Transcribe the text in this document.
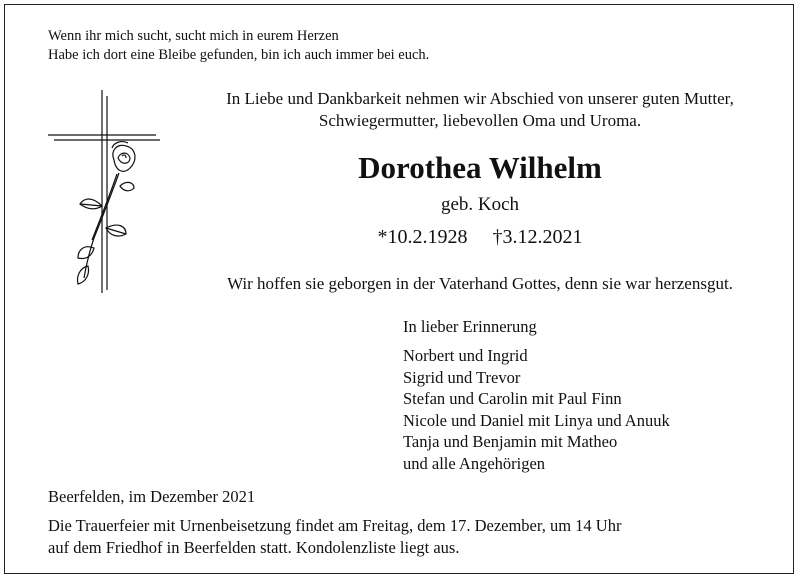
Wenn ihr mich sucht, sucht mich in eurem Herzen
Habe ich dort eine Bleibe gefunden, bin ich auch immer bei euch.
In Liebe und Dankbarkeit nehmen wir Abschied von unserer guten Mutter,
Schwiegermutter, liebevollen Oma und Uroma.
Dorothea Wilhelm
geb. Koch
*10.2.1928 †3.12.2021
Wir hoffen sie geborgen in der Vaterhand Gottes, denn sie war herzensgut.
In lieber Erinnerung
Norbert und Ingrid
Sigrid und Trevor
Stefan und Carolin mit Paul Finn
Nicole und Daniel mit Linya und Anuuk
Tanja und Benjamin mit Matheo
und alle Angehörigen
Beerfelden, im Dezember 2021
Die Trauerfeier mit Urnenbeisetzung findet am Freitag, dem 17. Dezember, um 14 Uhr
auf dem Friedhof in Beerfelden statt. Kondolenzliste liegt aus.
